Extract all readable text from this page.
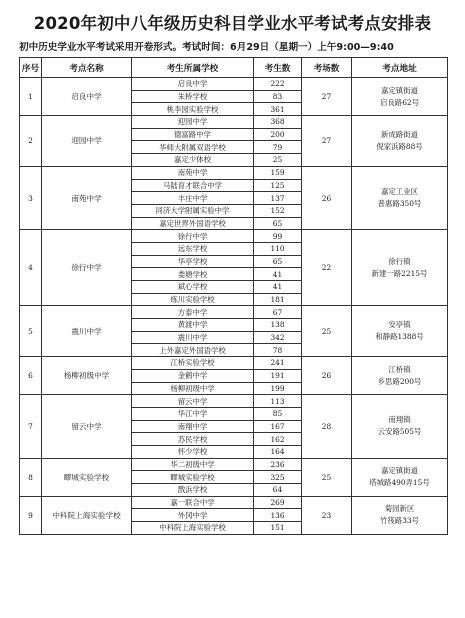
2020年初中八年级历史科目学业水平考试考点安排表
初中历史学业水平考试采用开卷形式。考试时间：6月29日（星期一）上午9:00—9:40
序号	考点名称	考生所属学校	考生数	考场数	考点地址
1	启良中学	启良中学	222	27	嘉定镇街道
启良路62号

		朱桥学校	83		
		桃李园实验学校	361		
2	迎园中学	迎园中学	368	27	新成路街道
倪家浜路88号

		德富路中学	200		
		华师大附属双语学校	79		
		嘉定少体校	25		
3	南苑中学	南苑中学	159	26	嘉定工业区
普惠路350号

		马陆育才联合中学	125		
		丰庄中学	137		
		同济大学附属实验中学	152		
		嘉定世界外国语学校	65		
4	徐行中学	徐行中学	99	22	徐行镇
新建一路2215号

		远东学校	110		
		华亭学校	65		
		娄塘学校	41		
		斌心学校	41		
		练川实验学校	181		
5	震川中学	方泰中学	67	25	安亭镇
和静路1388号

		黄渡中学	138		
		震川中学	342		
		上外嘉定外国语学校	78		
6	杨柳初级中学	江桥实验学校	241	26	江桥镇
乡思路200号

		金鹤中学	191		
		杨柳初级中学	199		
7	留云中学	留云中学	113	28	南翔镇
云安路505号

		华江中学	85		
		南翔中学	167		
		苏民学校	162		
		怀少学校	164		
8	疁城实验学校	华二初级中学	236	25	嘉定镇街道
塔城路490弄15号

		疁城实验学校	325		
		戬浜学校	64		
9	中科院上海实验学校	嘉一联合中学	269	23	菊园新区
竹筏路33号

		外冈中学	136		
		中科院上海实验学校	151		
